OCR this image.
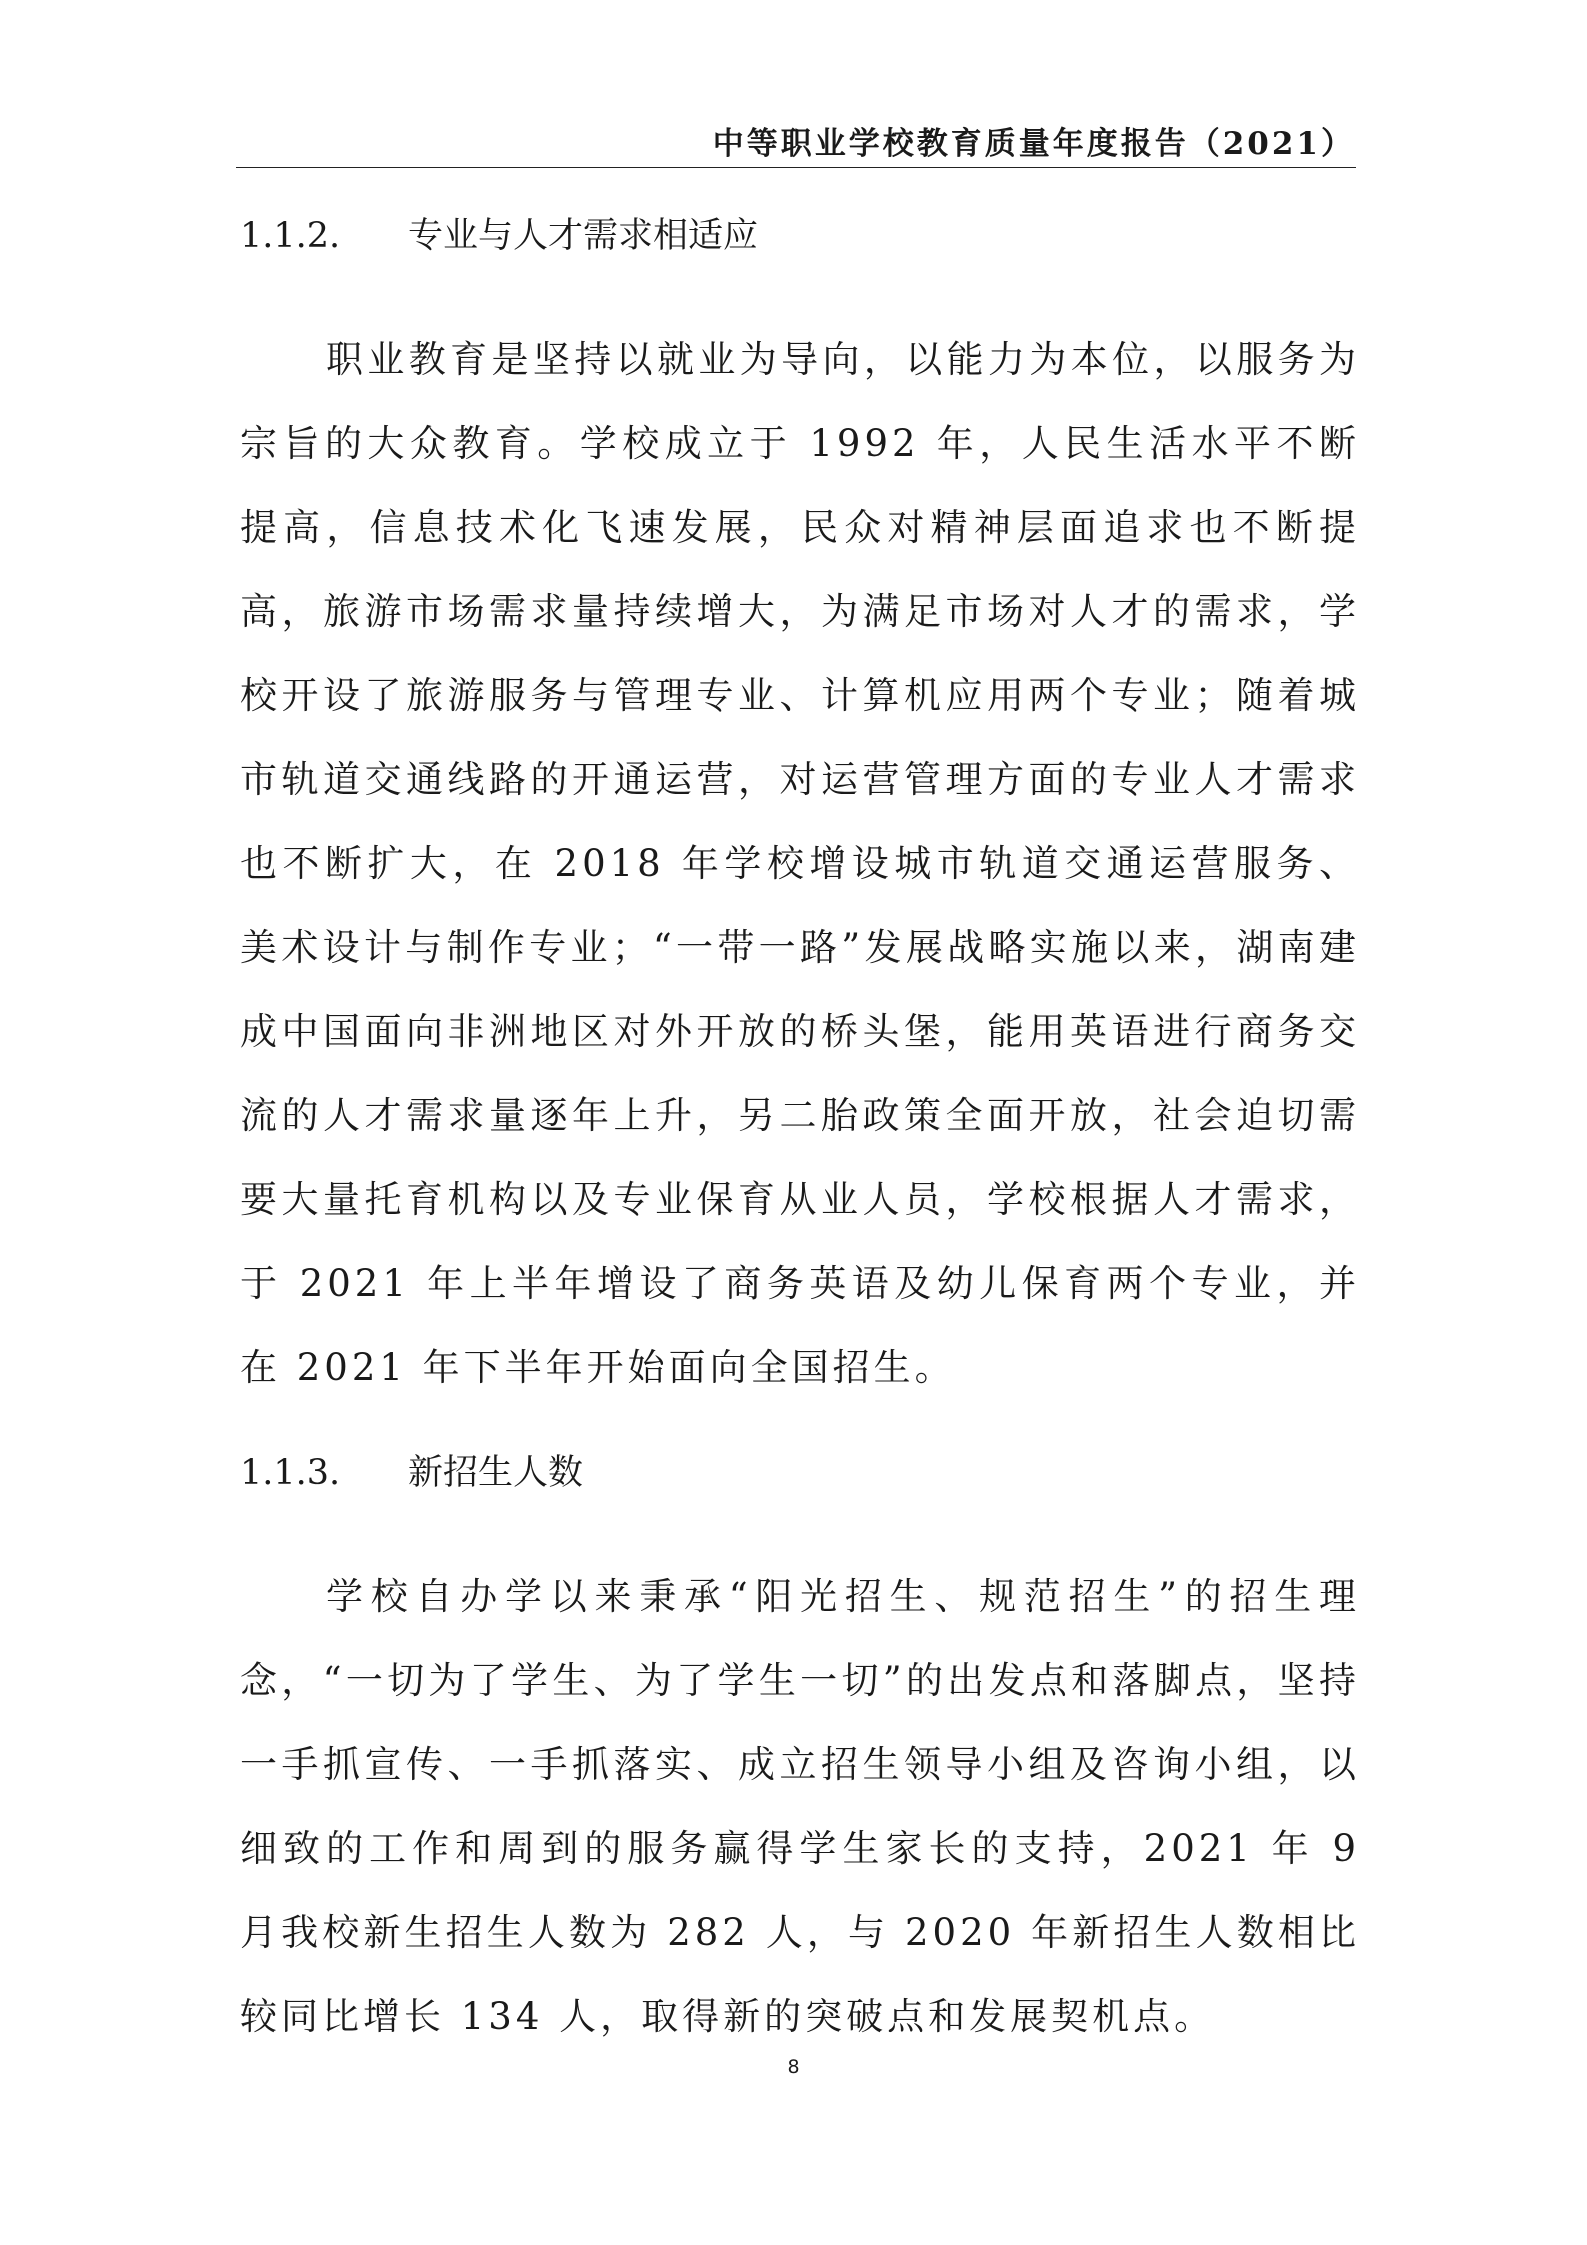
中等职业学校教育质量年度报告（2021）
1.1.2. 专业与人才需求相适应

职业教育是坚持以就业为导向，以能力为本位，以服务为宗旨的大众教育。学校成立于 1992 年，人民生活水平不断提高，信息技术化飞速发展，民众对精神层面追求也不断提高，旅游市场需求量持续增大，为满足市场对人才的需求，学校开设了旅游服务与管理专业、计算机应用两个专业；随着城市轨道交通线路的开通运营，对运营管理方面的专业人才需求也不断扩大，在 2018 年学校增设城市轨道交通运营服务、美术设计与制作专业；“一带一路”发展战略实施以来，湖南建成中国面向非洲地区对外开放的桥头堡，能用英语进行商务交流的人才需求量逐年上升，另二胎政策全面开放，社会迫切需要大量托育机构以及专业保育从业人员，学校根据人才需求，于 2021 年上半年增设了商务英语及幼儿保育两个专业，并在 2021 年下半年开始面向全国招生。

1.1.3. 新招生人数

学校自办学以来秉承“阳光招生、规范招生”的招生理念，“一切为了学生、为了学生一切”的出发点和落脚点，坚持一手抓宣传、一手抓落实、成立招生领导小组及咨询小组，以细致的工作和周到的服务赢得学生家长的支持，2021 年 9 月我校新生招生人数为 282 人，与 2020 年新招生人数相比较同比增长 134 人，取得新的突破点和发展契机点。

8
